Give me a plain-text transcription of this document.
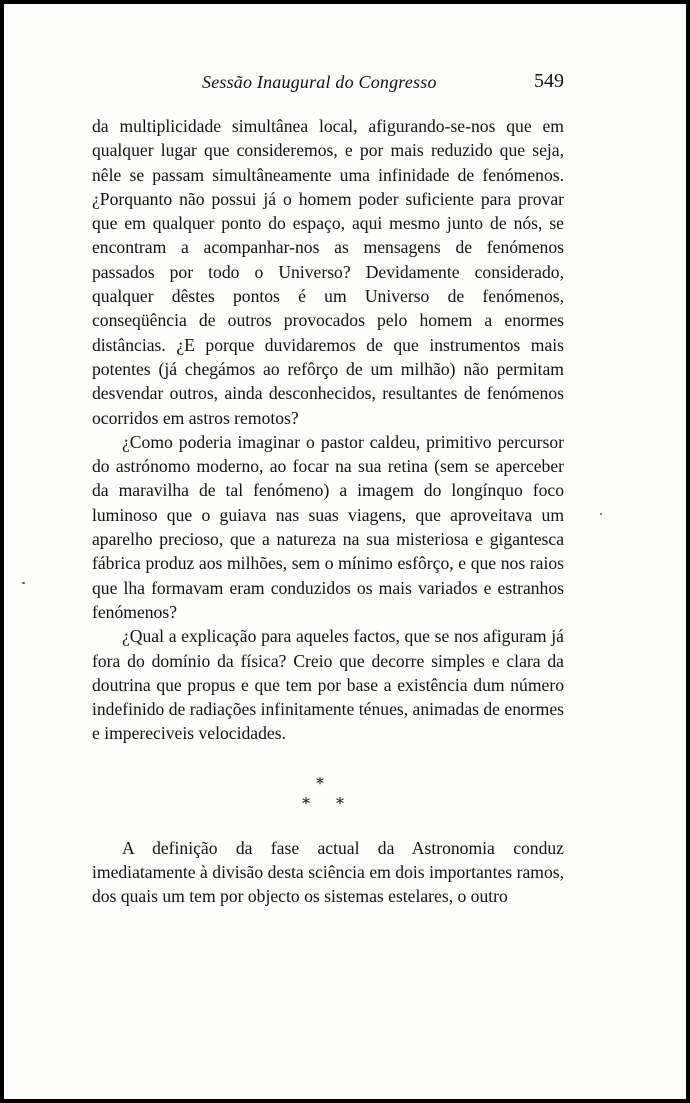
Sessão Inaugural do Congresso	549

da multiplicidade simultânea local, afigurando-se-nos que em qualquer lugar que consideremos, e por mais reduzido que seja, nêle se passam simultâneamente uma infinidade de fenómenos. ¿Porquanto não possui já o homem poder suficiente para provar que em qualquer ponto do espaço, aqui mesmo junto de nós, se encontram a acompanhar-nos as mensagens de fenómenos passados por todo o Universo? Devidamente considerado, qualquer dêstes pontos é um Universo de fenómenos, conseqüência de outros provocados pelo homem a enormes distâncias. ¿E porque duvidaremos de que instrumentos mais potentes (já chegámos ao refôrço de um milhão) não permitam desvendar outros, ainda desconhecidos, resultantes de fenómenos ocorridos em astros remotos?

¿Como poderia imaginar o pastor caldeu, primitivo percursor do astrónomo moderno, ao focar na sua retina (sem se aperceber da maravilha de tal fenómeno) a imagem do longínquo foco luminoso que o guiava nas suas viagens, que aproveitava um aparelho precioso, que a natureza na sua misteriosa e gigantesca fábrica produz aos milhões, sem o mínimo esfôrço, e que nos raios que lha formavam eram conduzidos os mais variados e estranhos fenómenos?

¿Qual a explicação para aqueles factos, que se nos afiguram já fora do domínio da física? Creio que decorre simples e clara da doutrina que propus e que tem por base a existência dum número indefinido de radiações infinitamente ténues, animadas de enormes e impereciveis velocidades.

*
* *

A definição da fase actual da Astronomia conduz imediatamente à divisão desta sciência em dois importantes ramos, dos quais um tem por objecto os sistemas estelares, o outro
